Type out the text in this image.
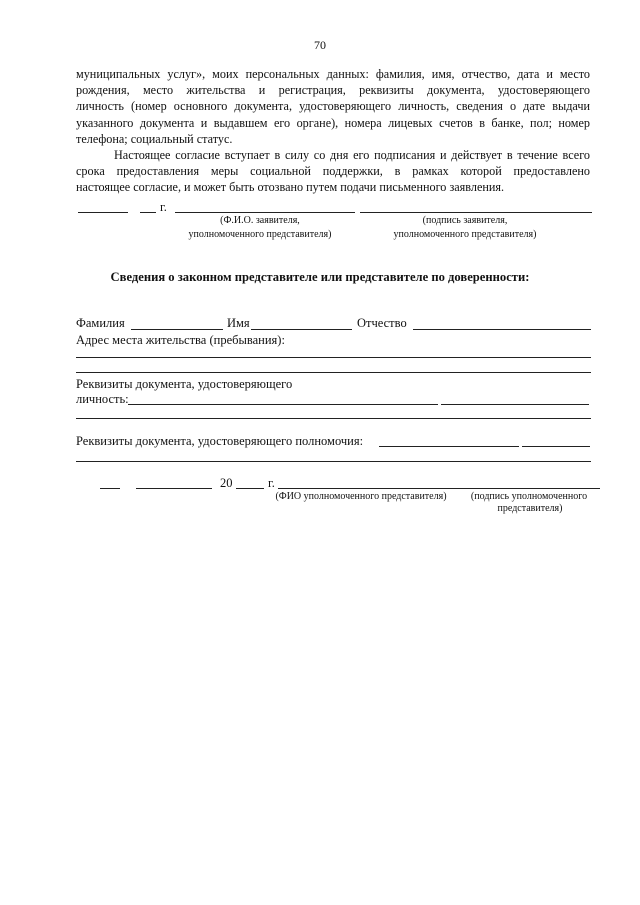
70
муниципальных услуг», моих персональных данных: фамилия, имя, отчество, дата и место
рождения, место жительства и регистрация, реквизиты документа, удостоверяющего
личность (номер основного документа, удостоверяющего личность, сведения о дате выдачи
указанного документа и выдавшем его органе), номера лицевых счетов в банке, пол; номер
телефона; социальный статус.
Настоящее согласие вступает в силу со дня его подписания и действует в течение всего
срока предоставления меры социальной поддержки, в рамках которой предоставлено
настоящее согласие, и может быть отозвано путем подачи письменного заявления.
г.
(Ф.И.О. заявителя,
уполномоченного представителя)
(подпись заявителя,
уполномоченного представителя)
Сведения о законном представителе или представителе по доверенности:
Фамилия	Имя	Отчество
Адрес места жительства (пребывания):
Реквизиты документа, удостоверяющего
личность:
Реквизиты документа, удостоверяющего полномочия:
20	г.
(ФИО уполномоченного представителя)	(подпись уполномоченного
представителя)
